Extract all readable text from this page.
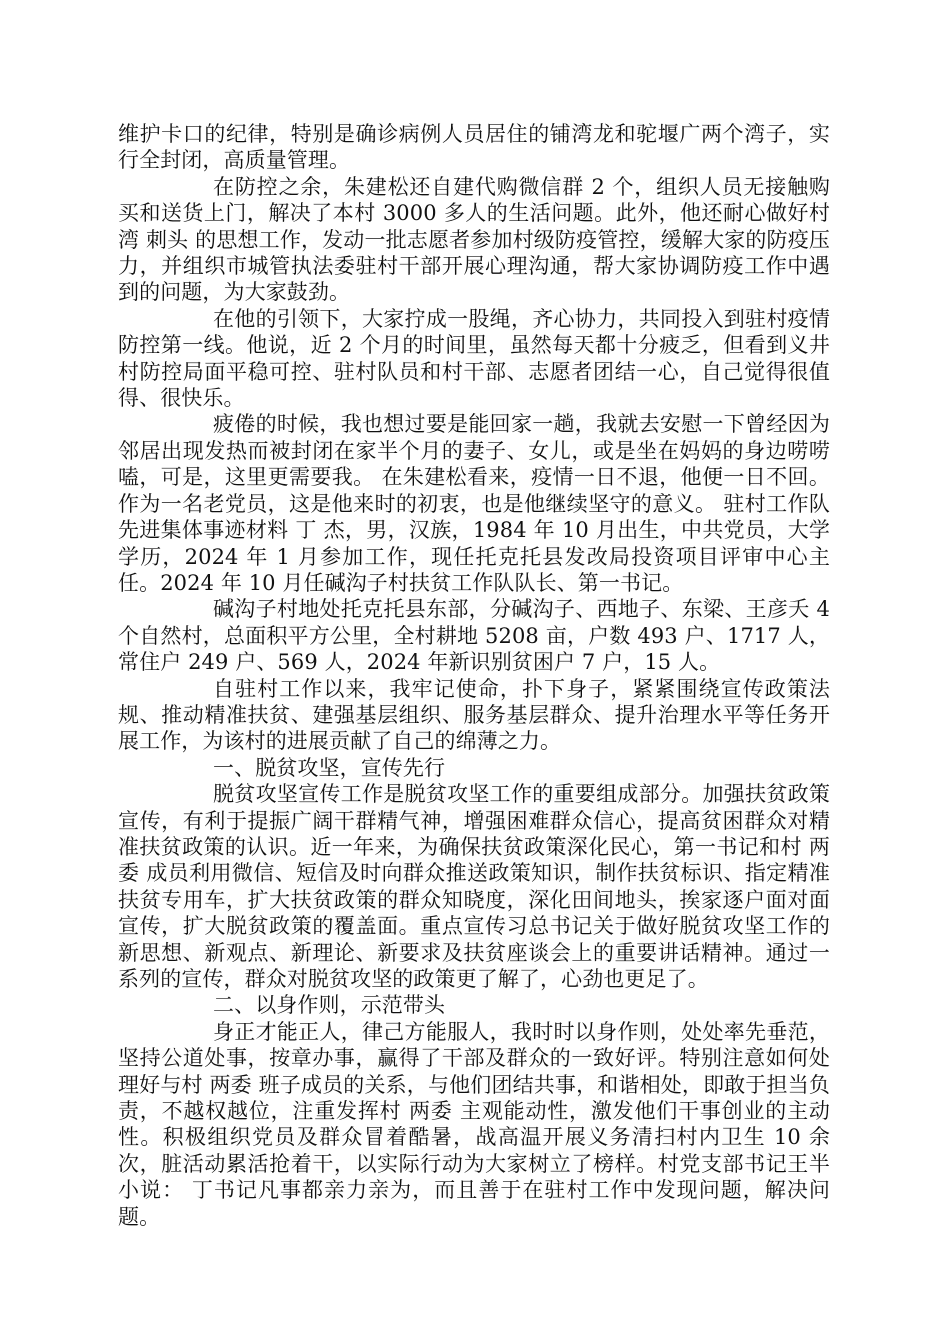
维护卡口的纪律，特别是确诊病例人员居住的铺湾龙和驼堰广两个湾子，实行全封闭，高质量管理。

在防控之余，朱建松还自建代购微信群 2 个，组织人员无接触购买和送货上门，解决了本村 3000 多人的生活问题。此外，他还耐心做好村湾 刺头 的思想工作，发动一批志愿者参加村级防疫管控，缓解大家的防疫压力，并组织市城管执法委驻村干部开展心理沟通，帮大家协调防疫工作中遇到的问题，为大家鼓劲。

在他的引领下，大家拧成一股绳，齐心协力，共同投入到驻村疫情防控第一线。他说，近 2 个月的时间里，虽然每天都十分疲乏，但看到义井村防控局面平稳可控、驻村队员和村干部、志愿者团结一心，自己觉得很值得、很快乐。

疲倦的时候，我也想过要是能回家一趟，我就去安慰一下曾经因为邻居出现发热而被封闭在家半个月的妻子、女儿，或是坐在妈妈的身边唠唠嗑，可是，这里更需要我。 在朱建松看来，疫情一日不退，他便一日不回。作为一名老党员，这是他来时的初衷，也是他继续坚守的意义。 驻村工作队先进集体事迹材料 丁 杰，男，汉族，1984 年 10 月出生，中共党员，大学学历，2024 年 1 月参加工作，现任托克托县发改局投资项目评审中心主任。2024 年 10 月任碱沟子村扶贫工作队队长、第一书记。

碱沟子村地处托克托县东部，分碱沟子、西地子、东梁、王彦夭 4 个自然村，总面积平方公里，全村耕地 5208 亩，户数 493 户、1717 人，常住户 249 户、569 人，2024 年新识别贫困户 7 户，15 人。

自驻村工作以来，我牢记使命，扑下身子，紧紧围绕宣传政策法规、推动精准扶贫、建强基层组织、服务基层群众、提升治理水平等任务开展工作，为该村的进展贡献了自己的绵薄之力。

一、脱贫攻坚，宣传先行

脱贫攻坚宣传工作是脱贫攻坚工作的重要组成部分。加强扶贫政策宣传，有利于提振广阔干群精气神，增强困难群众信心，提高贫困群众对精准扶贫政策的认识。近一年来，为确保扶贫政策深化民心，第一书记和村 两委 成员利用微信、短信及时向群众推送政策知识，制作扶贫标识、指定精准扶贫专用车，扩大扶贫政策的群众知晓度，深化田间地头，挨家逐户面对面宣传，扩大脱贫政策的覆盖面。重点宣传习总书记关于做好脱贫攻坚工作的新思想、新观点、新理论、新要求及扶贫座谈会上的重要讲话精神。通过一系列的宣传，群众对脱贫攻坚的政策更了解了，心劲也更足了。

二、以身作则，示范带头

身正才能正人，律己方能服人，我时时以身作则，处处率先垂范，坚持公道处事，按章办事，赢得了干部及群众的一致好评。特别注意如何处理好与村 两委 班子成员的关系，与他们团结共事，和谐相处，即敢于担当负责，不越权越位，注重发挥村 两委 主观能动性，激发他们干事创业的主动性。积极组织党员及群众冒着酷暑，战高温开展义务清扫村内卫生 10 余次，脏活动累活抢着干，以实际行动为大家树立了榜样。村党支部书记王半小说： 丁书记凡事都亲力亲为，而且善于在驻村工作中发现问题，解决问题。
